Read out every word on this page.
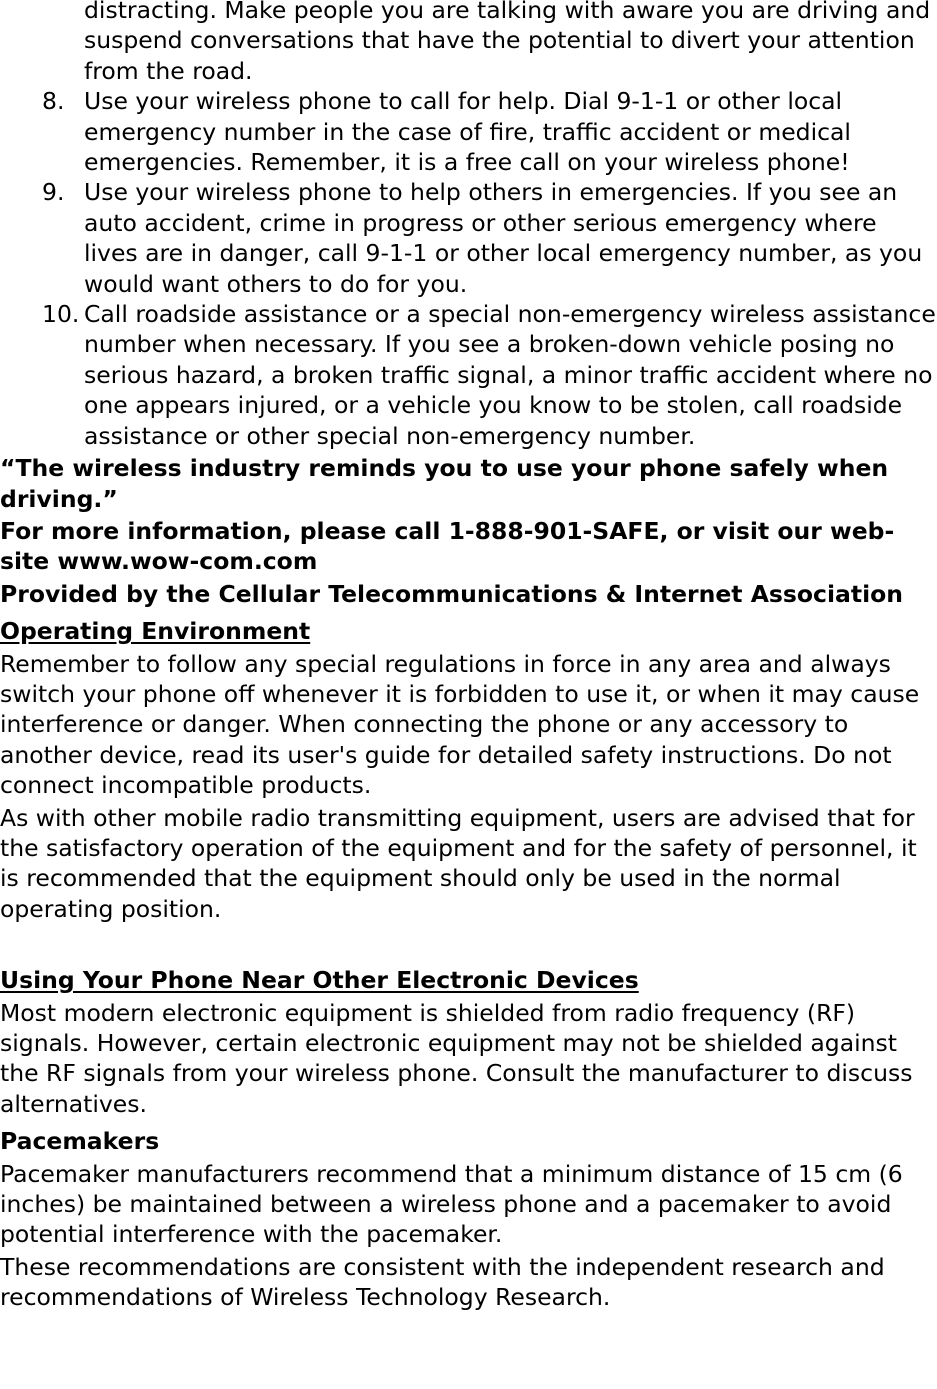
distracting. Make people you are talking with aware you are driving and suspend conversations that have the potential to divert your attention from the road.
8. Use your wireless phone to call for help. Dial 9-1-1 or other local emergency number in the case of fire, traffic accident or medical emergencies. Remember, it is a free call on your wireless phone!
9. Use your wireless phone to help others in emergencies. If you see an auto accident, crime in progress or other serious emergency where lives are in danger, call 9-1-1 or other local emergency number, as you would want others to do for you.
10. Call roadside assistance or a special non-emergency wireless assistance number when necessary. If you see a broken-down vehicle posing no serious hazard, a broken traffic signal, a minor traffic accident where no one appears injured, or a vehicle you know to be stolen, call roadside assistance or other special non-emergency number.

“The wireless industry reminds you to use your phone safely when driving.”

For more information, please call 1-888-901-SAFE, or visit our web-site www.wow-com.com

Provided by the Cellular Telecommunications & Internet Association

Operating Environment

Remember to follow any special regulations in force in any area and always switch your phone off whenever it is forbidden to use it, or when it may cause interference or danger. When connecting the phone or any accessory to another device, read its user's guide for detailed safety instructions. Do not connect incompatible products.

As with other mobile radio transmitting equipment, users are advised that for the satisfactory operation of the equipment and for the safety of personnel, it is recommended that the equipment should only be used in the normal operating position.

Using Your Phone Near Other Electronic Devices

Most modern electronic equipment is shielded from radio frequency (RF) signals. However, certain electronic equipment may not be shielded against the RF signals from your wireless phone. Consult the manufacturer to discuss alternatives.

Pacemakers

Pacemaker manufacturers recommend that a minimum distance of 15 cm (6 inches) be maintained between a wireless phone and a pacemaker to avoid potential interference with the pacemaker.

These recommendations are consistent with the independent research and recommendations of Wireless Technology Research.
